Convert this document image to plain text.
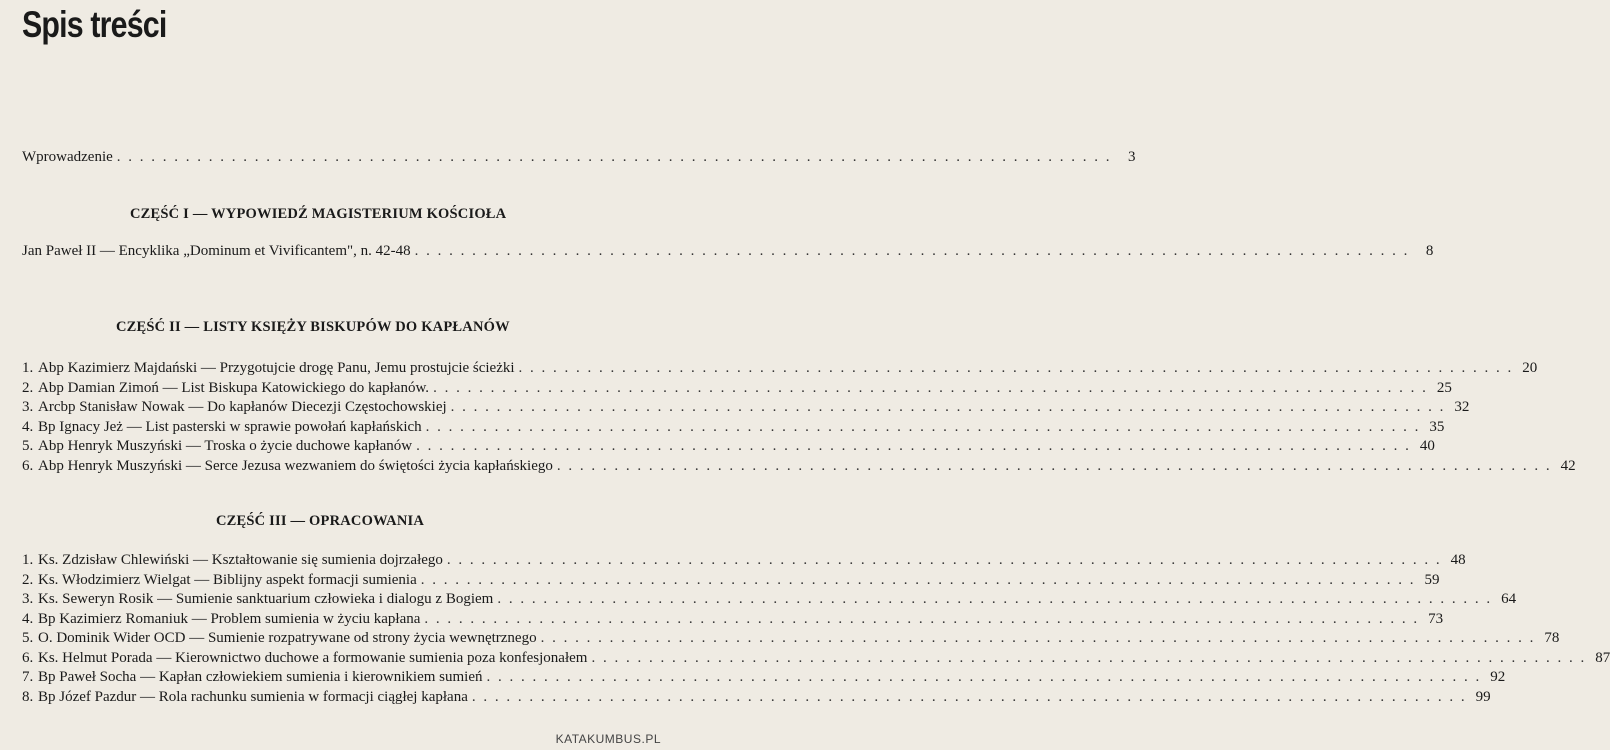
Spis treści
Wprowadzenie . . .	3
CZĘŚĆ I — WYPOWIEDŹ MAGISTERIUM KOŚCIOŁA
Jan Paweł II — Encyklika „Dominum et Vivificantem", n. 42-48 . . .	8
CZĘŚĆ II — LISTY KSIĘŻY BISKUPÓW DO KAPŁANÓW
1. Abp Kazimierz Majdański — Przygotujcie drogę Panu, Jemu prostujcie ścieżki . . .	20
2. Abp Damian Zimoń — List Biskupa Katowickiego do kapłanów. . . .	25
3. Arcbp Stanisław Nowak — Do kapłanów Diecezji Częstochowskiej . . .	32
4. Bp Ignacy Jeż — List pasterski w sprawie powołań kapłańskich . . .	35
5. Abp Henryk Muszyński — Troska o życie duchowe kapłanów . . .	40
6. Abp Henryk Muszyński — Serce Jezusa wezwaniem do świętości życia kapłańskiego . . .	42
CZĘŚĆ III — OPRACOWANIA
1. Ks. Zdzisław Chlewiński — Kształtowanie się sumienia dojrzałego . . .	48
2. Ks. Włodzimierz Wielgat — Biblijny aspekt formacji sumienia . . .	59
3. Ks. Seweryn Rosik — Sumienie sanktuarium człowieka i dialogu z Bogiem . . .	64
4. Bp Kazimierz Romaniuk — Problem sumienia w życiu kapłana . . .	73
5. O. Dominik Wider OCD — Sumienie rozpatrywane od strony życia wewnętrznego . . .	78
6. Ks. Helmut Porada — Kierownictwo duchowe a formowanie sumienia poza konfesjonałem . . .	87
7. Bp Paweł Socha — Kapłan człowiekiem sumienia i kierownikiem sumień . . .	92
8. Bp Józef Pazdur — Rola rachunku sumienia w formacji ciągłej kapłana . . .	99
KATAKUMBUS.PL
